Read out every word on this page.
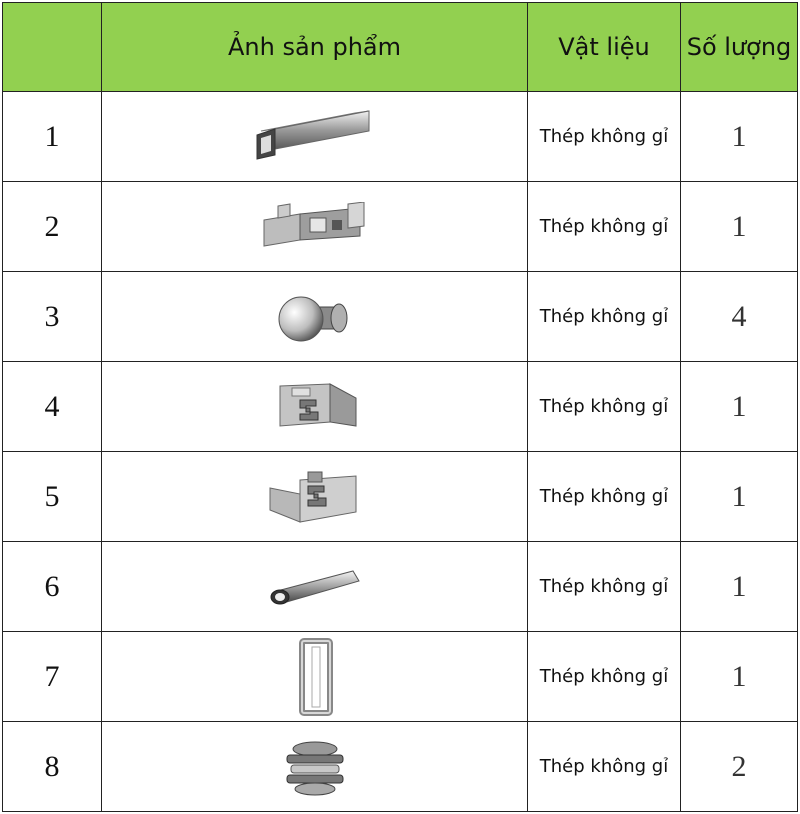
	Ảnh sản phẩm	Vật liệu	Số lượng
1		Thép không gỉ	1
2		Thép không gỉ	1
3		Thép không gỉ	4
4		Thép không gỉ	1
5		Thép không gỉ	1
6		Thép không gỉ	1
7		Thép không gỉ	1
8		Thép không gỉ	2
